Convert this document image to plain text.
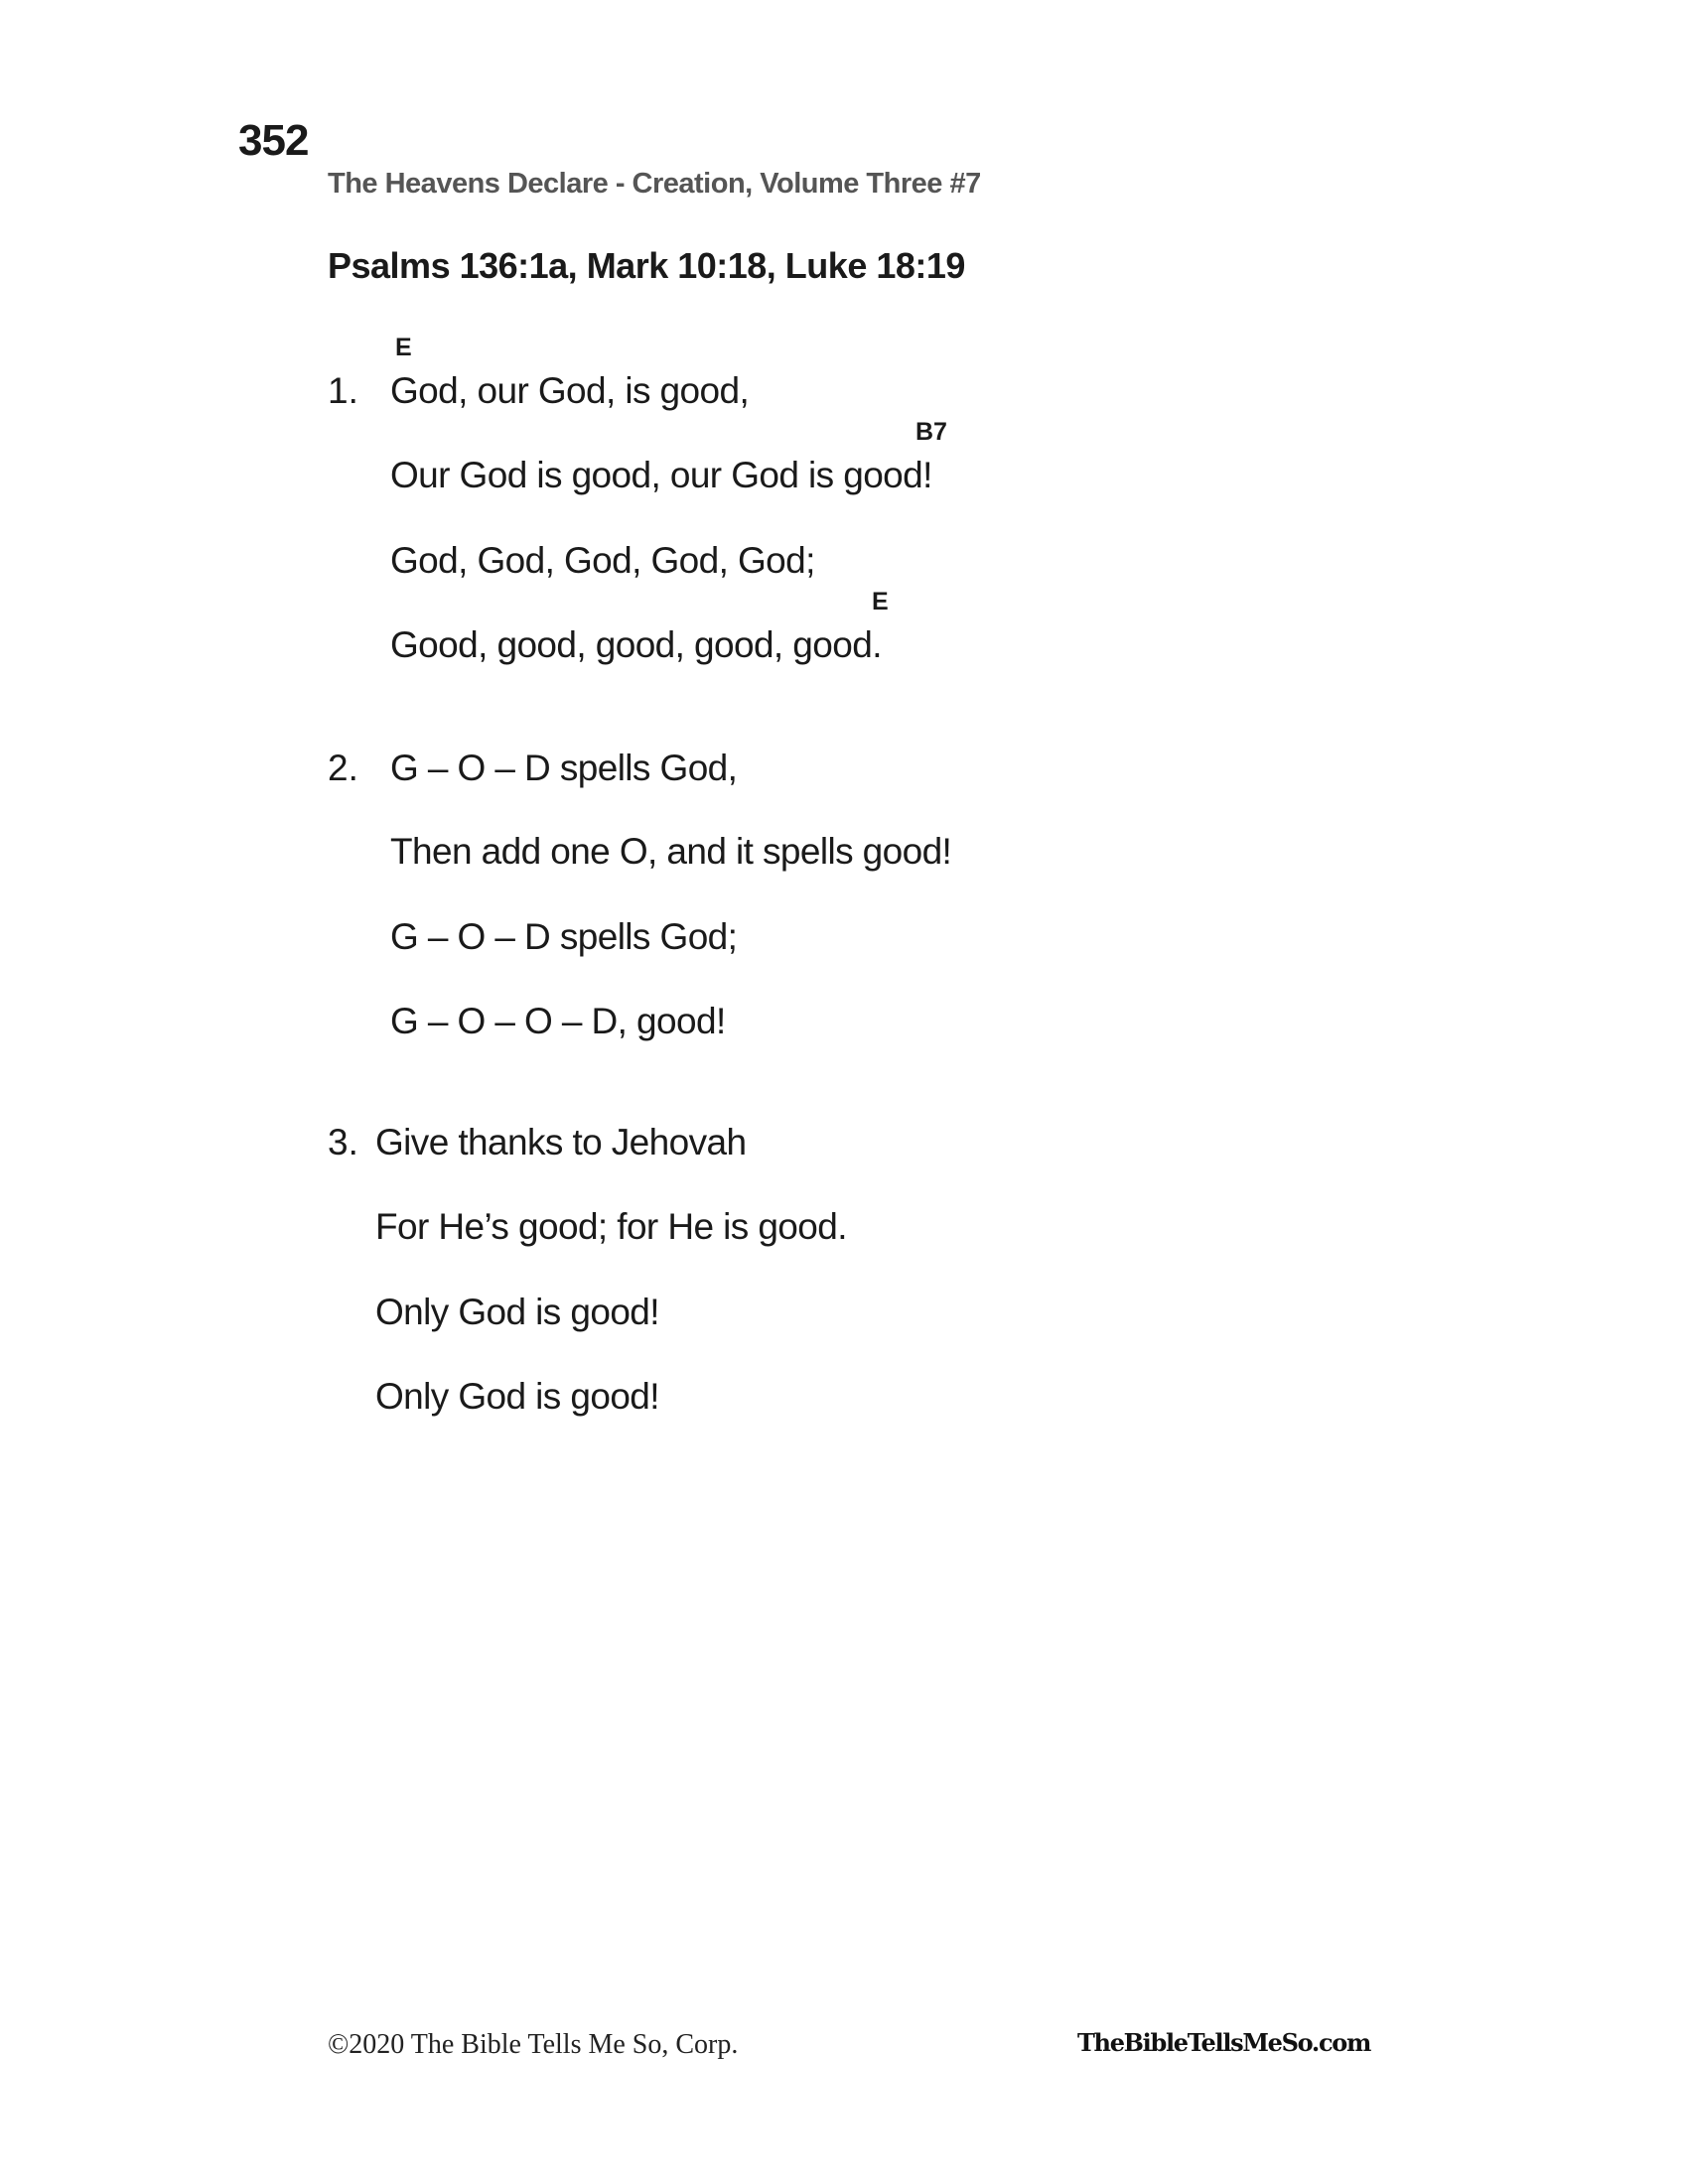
352
The Heavens Declare - Creation, Volume Three #7
Psalms 136:1a, Mark 10:18, Luke 18:19
E
B7
E
1. God, our God, is good,
Our God is good, our God is good!
God, God, God, God, God;
Good, good, good, good, good.
2. G – O – D spells God,
Then add one O, and it spells good!
G – O – D spells God;
G – O – O – D, good!
3. Give thanks to Jehovah
For He’s good; for He is good.
Only God is good!
Only God is good!
©2020 The Bible Tells Me So, Corp.	TheBibleTellsMeSo.com
